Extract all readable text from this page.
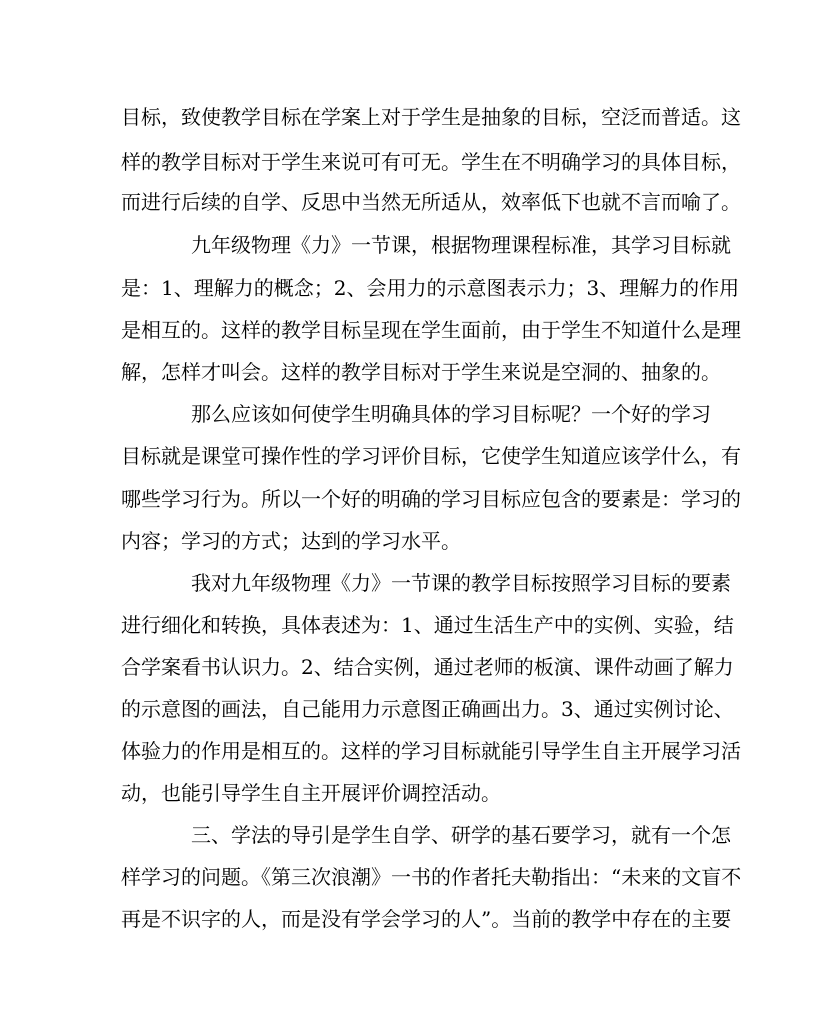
目标，致使教学目标在学案上对于学生是抽象的目标，空泛而普适。这
样的教学目标对于学生来说可有可无。学生在不明确学习的具体目标，
而进行后续的自学、反思中当然无所适从，效率低下也就不言而喻了。
九年级物理《力》一节课，根据物理课程标准，其学习目标就
是：1、理解力的概念；2、会用力的示意图表示力；3、理解力的作用
是相互的。这样的教学目标呈现在学生面前，由于学生不知道什么是理
解，怎样才叫会。这样的教学目标对于学生来说是空洞的、抽象的。
那么应该如何使学生明确具体的学习目标呢？一个好的学习
目标就是课堂可操作性的学习评价目标，它使学生知道应该学什么，有
哪些学习行为。所以一个好的明确的学习目标应包含的要素是：学习的
内容；学习的方式；达到的学习水平。
我对九年级物理《力》一节课的教学目标按照学习目标的要素
进行细化和转换，具体表述为：1、通过生活生产中的实例、实验，结
合学案看书认识力。2、结合实例，通过老师的板演、课件动画了解力
的示意图的画法，自己能用力示意图正确画出力。3、通过实例讨论、
体验力的作用是相互的。这样的学习目标就能引导学生自主开展学习活
动，也能引导学生自主开展评价调控活动。
三、学法的导引是学生自学、研学的基石要学习，就有一个怎
样学习的问题。《第三次浪潮》一书的作者托夫勒指出：“未来的文盲不
再是不识字的人，而是没有学会学习的人”。当前的教学中存在的主要
